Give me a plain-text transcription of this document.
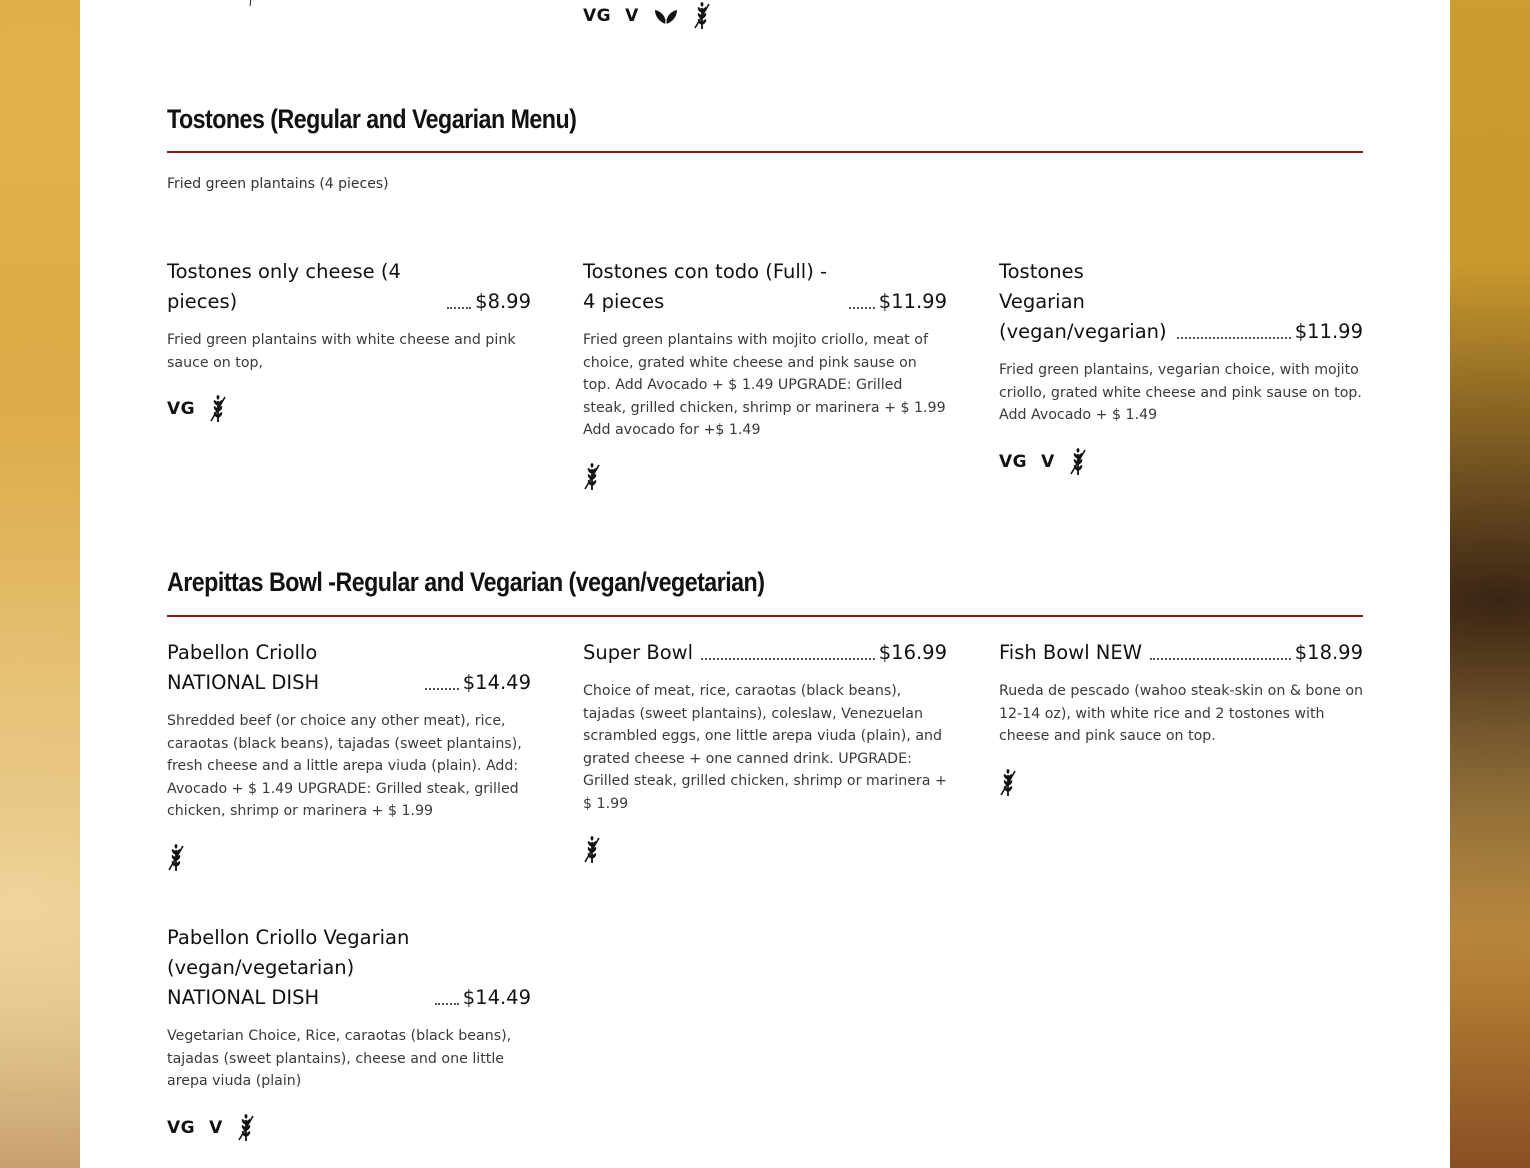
VG V
Tostones (Regular and Vegarian Menu)

Fried green plantains (4 pieces)

Tostones only cheese (4 pieces)	$8.99

Fried green plantains with white cheese and pink sauce on top,

VG
Tostones con todo (Full) - 4 pieces	$11.99

Fried green plantains with mojito criollo, meat of choice, grated white cheese and pink sause on top. Add Avocado + $ 1.49 UPGRADE: Grilled steak, grilled chicken, shrimp or marinera + $ 1.99 Add avocado for +$ 1.49

Tostones Vegarian (vegan/vegarian)	$11.99

Fried green plantains, vegarian choice, with mojito criollo, grated white cheese and pink sause on top. Add Avocado + $ 1.49

VG V
Arepittas Bowl -Regular and Vegarian (vegan/vegetarian)
Pabellon Criollo NATIONAL DISH	$14.49

Shredded beef (or choice any other meat), rice, caraotas (black beans), tajadas (sweet plantains), fresh cheese and a little arepa viuda (plain). Add: Avocado + $ 1.49 UPGRADE: Grilled steak, grilled chicken, shrimp or marinera + $ 1.99

Super Bowl	$16.99

Choice of meat, rice, caraotas (black beans), tajadas (sweet plantains), coleslaw, Venezuelan scrambled eggs, one little arepa viuda (plain), and grated cheese + one canned drink. UPGRADE: Grilled steak, grilled chicken, shrimp or marinera + $ 1.99

Fish Bowl NEW	$18.99

Rueda de pescado (wahoo steak-skin on & bone on 12-14 oz), with white rice and 2 tostones with cheese and pink sauce on top.

Pabellon Criollo Vegarian (vegan/vegetarian) NATIONAL DISH	$14.49

Vegetarian Choice, Rice, caraotas (black beans), tajadas (sweet plantains), cheese and one little arepa viuda (plain)

VG V
